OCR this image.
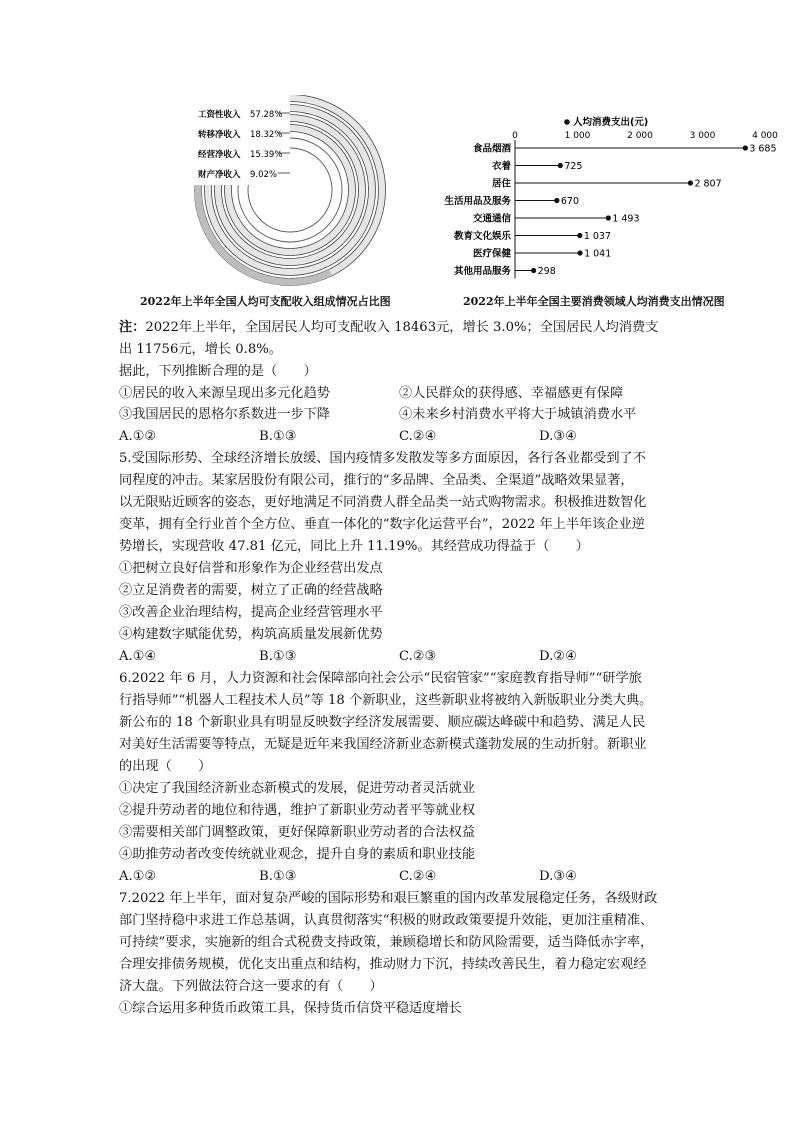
工资性收入 57.28%
转移净收入 18.32%
经营净收入 15.39%
财产净收入 9.02%
2022年上半年全国人均可支配收入组成情况占比图
0	1 000	2 000	3 000	4 000
食品烟酒
衣着
居住
生活用品及服务
交通通信
教育文化娱乐
医疗保健
其他用品服务
3 685
725
2 807
670
1 493
1 037
1 041
298
人均消费支出(元)
2022年上半年全国主要消费领域人均消费支出情况图
注：2022年上半年，全国居民人均可支配收入 18463元，增长 3.0%；全国居民人均消费支
出 11756元，增长 0.8%。
据此，下列推断合理的是（　　）
①居民的收入来源呈现出多元化趋势	②人民群众的获得感、幸福感更有保障
③我国居民的恩格尔系数进一步下降	④未来乡村消费水平将大于城镇消费水平
A.①②	B.①③	C.②④	D.③④
5.受国际形势、全球经济增长放缓、国内疫情多发散发等多方面原因，各行各业都受到了不
同程度的冲击。某家居股份有限公司，推行的“多品牌、全品类、全渠道”战略效果显著，
以无限贴近顾客的姿态，更好地满足不同消费人群全品类一站式购物需求。积极推进数智化
变革，拥有全行业首个全方位、垂直一体化的“数字化运营平台”，2022 年上半年该企业逆
势增长，实现营收 47.81 亿元，同比上升 11.19%。其经营成功得益于（　　）
①把树立良好信誉和形象作为企业经营出发点
②立足消费者的需要，树立了正确的经营战略
③改善企业治理结构，提高企业经营管理水平
④构建数字赋能优势，构筑高质量发展新优势
A.①④	B.①③	C.②③	D.②④
6.2022 年 6 月，人力资源和社会保障部向社会公示“民宿管家”“家庭教育指导师”“研学旅
行指导师”“机器人工程技术人员”等 18 个新职业，这些新职业将被纳入新版职业分类大典。
新公布的 18 个新职业具有明显反映数字经济发展需要、顺应碳达峰碳中和趋势、满足人民
对美好生活需要等特点，无疑是近年来我国经济新业态新模式蓬勃发展的生动折射。新职业
的出现（　　）
①决定了我国经济新业态新模式的发展，促进劳动者灵活就业
②提升劳动者的地位和待遇，维护了新职业劳动者平等就业权
③需要相关部门调整政策，更好保障新职业劳动者的合法权益
④助推劳动者改变传统就业观念，提升自身的素质和职业技能
A.①②	B.①③	C.②④	D.③④
7.2022 年上半年，面对复杂严峻的国际形势和艰巨繁重的国内改革发展稳定任务，各级财政
部门坚持稳中求进工作总基调，认真贯彻落实“积极的财政政策要提升效能，更加注重精准、
可持续”要求，实施新的组合式税费支持政策，兼顾稳增长和防风险需要，适当降低赤字率，
合理安排债务规模，优化支出重点和结构，推动财力下沉，持续改善民生，着力稳定宏观经
济大盘。下列做法符合这一要求的有（　　）
①综合运用多种货币政策工具，保持货币信贷平稳适度增长
